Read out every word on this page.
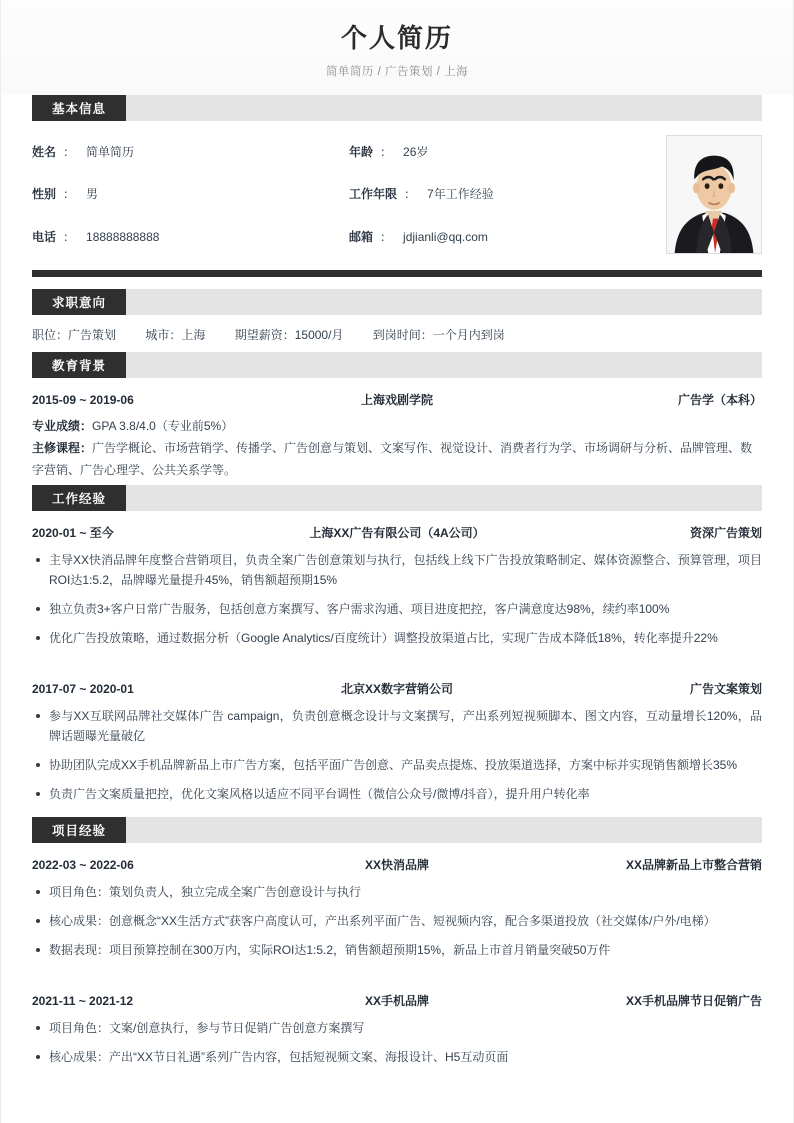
个人简历
简单简历 / 广告策划 / 上海
基本信息
姓名 ： 简单简历	年龄 ： 26岁
性别 ： 男	工作年限 ： 7年工作经验
电话 ： 18888888888	邮箱 ： jdjianli@qq.com
求职意向
职位：广告策划 城市：上海 期望薪资：15000/月 到岗时间：一个月内到岗
教育背景
2015-09 ~ 2019-06	上海戏剧学院	广告学（本科）
专业成绩：GPA 3.8/4.0（专业前5%）
主修课程：广告学概论、市场营销学、传播学、广告创意与策划、文案写作、视觉设计、消费者行为学、市场调研与分析、品牌管理、数字营销、广告心理学、公共关系学等。
工作经验
2020-01 ~ 至今	上海XX广告有限公司（4A公司）	资深广告策划
主导XX快消品牌年度整合营销项目，负责全案广告创意策划与执行，包括线上线下广告投放策略制定、媒体资源整合、预算管理，项目ROI达1:5.2，品牌曝光量提升45%，销售额超预期15%
独立负责3+客户日常广告服务，包括创意方案撰写、客户需求沟通、项目进度把控，客户满意度达98%，续约率100%
优化广告投放策略，通过数据分析（Google Analytics/百度统计）调整投放渠道占比，实现广告成本降低18%，转化率提升22%
2017-07 ~ 2020-01	北京XX数字营销公司	广告文案策划
参与XX互联网品牌社交媒体广告 campaign，负责创意概念设计与文案撰写，产出系列短视频脚本、图文内容，互动量增长120%，品牌话题曝光量破亿
协助团队完成XX手机品牌新品上市广告方案，包括平面广告创意、产品卖点提炼、投放渠道选择，方案中标并实现销售额增长35%
负责广告文案质量把控，优化文案风格以适应不同平台调性（微信公众号/微博/抖音），提升用户转化率
项目经验
2022-03 ~ 2022-06	XX快消品牌	XX品牌新品上市整合营销
项目角色：策划负责人，独立完成全案广告创意设计与执行
核心成果：创意概念“XX生活方式”获客户高度认可，产出系列平面广告、短视频内容，配合多渠道投放（社交媒体/户外/电梯）
数据表现：项目预算控制在300万内，实际ROI达1:5.2，销售额超预期15%，新品上市首月销量突破50万件
2021-11 ~ 2021-12	XX手机品牌	XX手机品牌节日促销广告
项目角色：文案/创意执行，参与节日促销广告创意方案撰写
核心成果：产出“XX节日礼遇”系列广告内容，包括短视频文案、海报设计、H5互动页面
